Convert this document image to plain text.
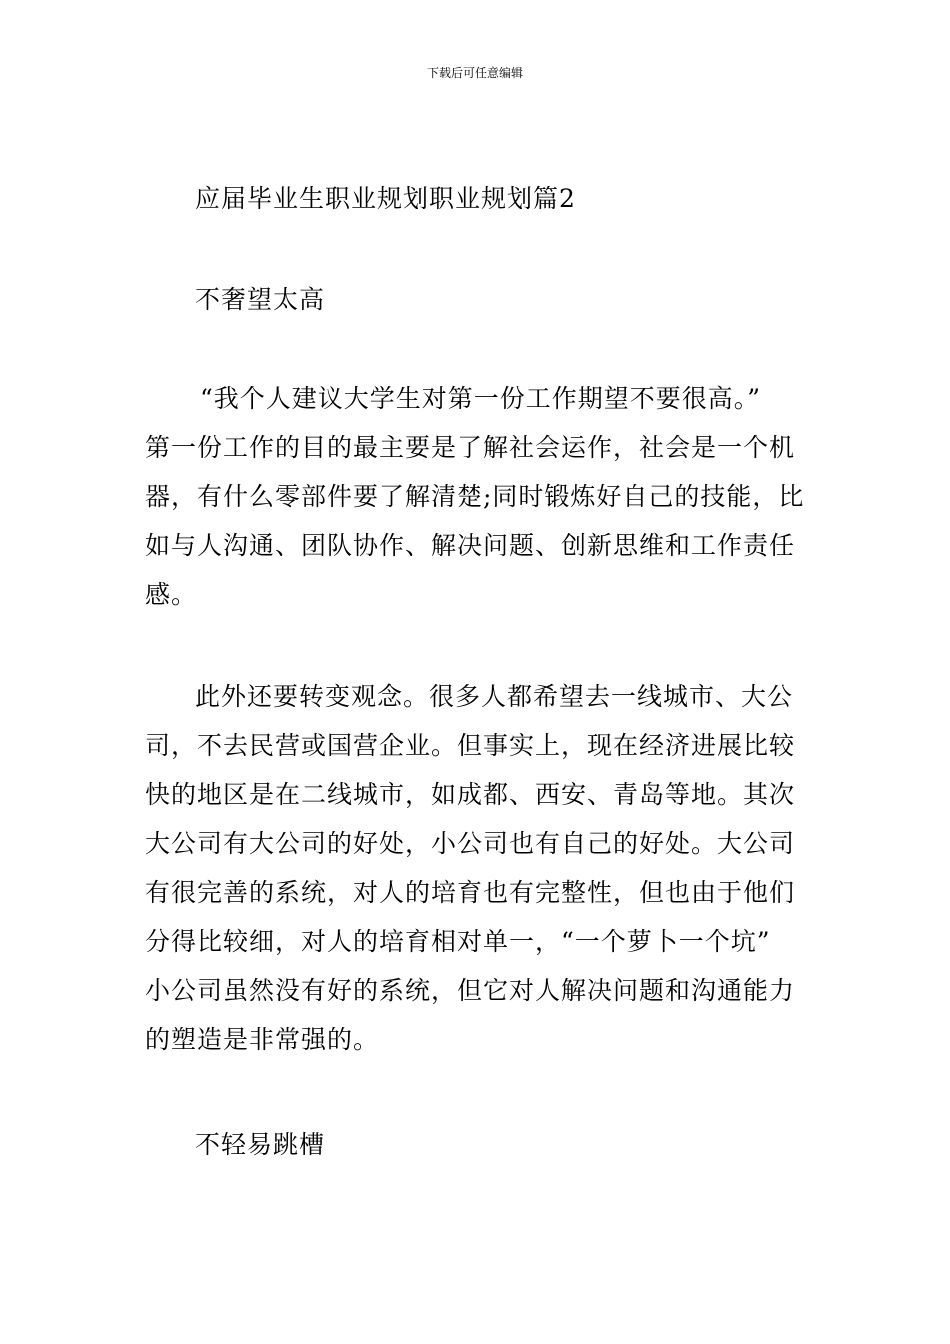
下载后可任意编辑
应届毕业生职业规划职业规划篇2
不奢望太高
“我个人建议大学生对第一份工作期望不要很高。”
第一份工作的目的最主要是了解社会运作，社会是一个机
器，有什么零部件要了解清楚;同时锻炼好自己的技能，比
如与人沟通、团队协作、解决问题、创新思维和工作责任
感。
此外还要转变观念。很多人都希望去一线城市、大公
司，不去民营或国营企业。但事实上，现在经济进展比较
快的地区是在二线城市，如成都、西安、青岛等地。其次
大公司有大公司的好处，小公司也有自己的好处。大公司
有很完善的系统，对人的培育也有完整性，但也由于他们
分得比较细，对人的培育相对单一，“一个萝卜一个坑”
小公司虽然没有好的系统，但它对人解决问题和沟通能力
的塑造是非常强的。
不轻易跳槽
